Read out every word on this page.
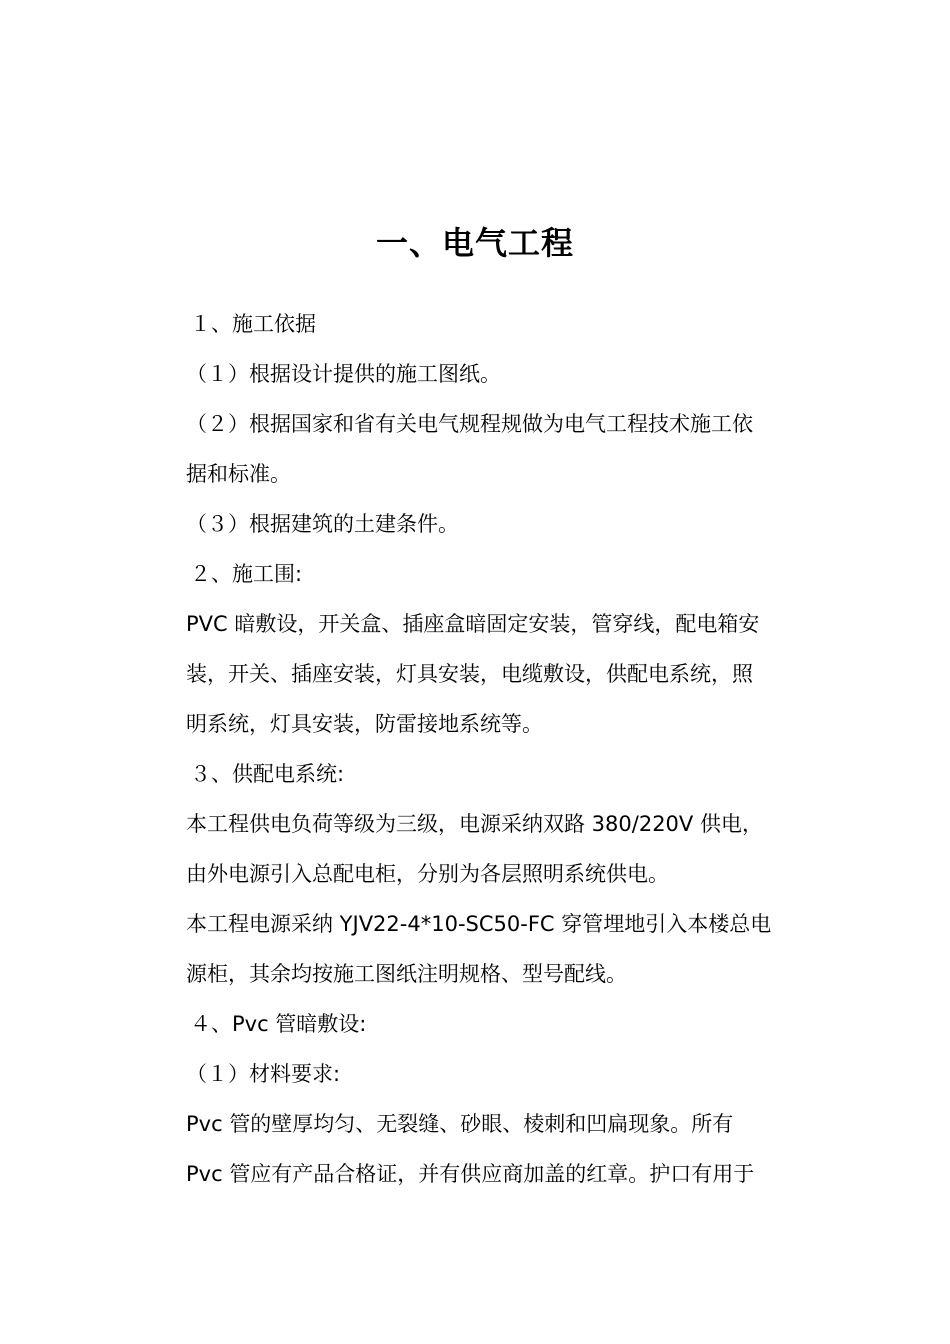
一、电气工程
１、施工依据
（１）根据设计提供的施工图纸。
（２）根据国家和省有关电气规程规做为电气工程技术施工依
据和标准。
（３）根据建筑的土建条件。
２、施工围:
PVC 暗敷设，开关盒、插座盒暗固定安装，管穿线，配电箱安
装，开关、插座安装，灯具安装，电缆敷设，供配电系统，照
明系统，灯具安装，防雷接地系统等。
３、供配电系统:
本工程供电负荷等级为三级，电源采纳双路 380/220V 供电，
由外电源引入总配电柜，分别为各层照明系统供电。
本工程电源采纳 YJV22-4*10-SC50-FC 穿管埋地引入本楼总电
源柜，其余均按施工图纸注明规格、型号配线。
４、Pvc 管暗敷设:
（１）材料要求:
Pvc 管的壁厚均匀、无裂缝、砂眼、棱刺和凹扁现象。所有
Pvc 管应有产品合格证，并有供应商加盖的红章。护口有用于
